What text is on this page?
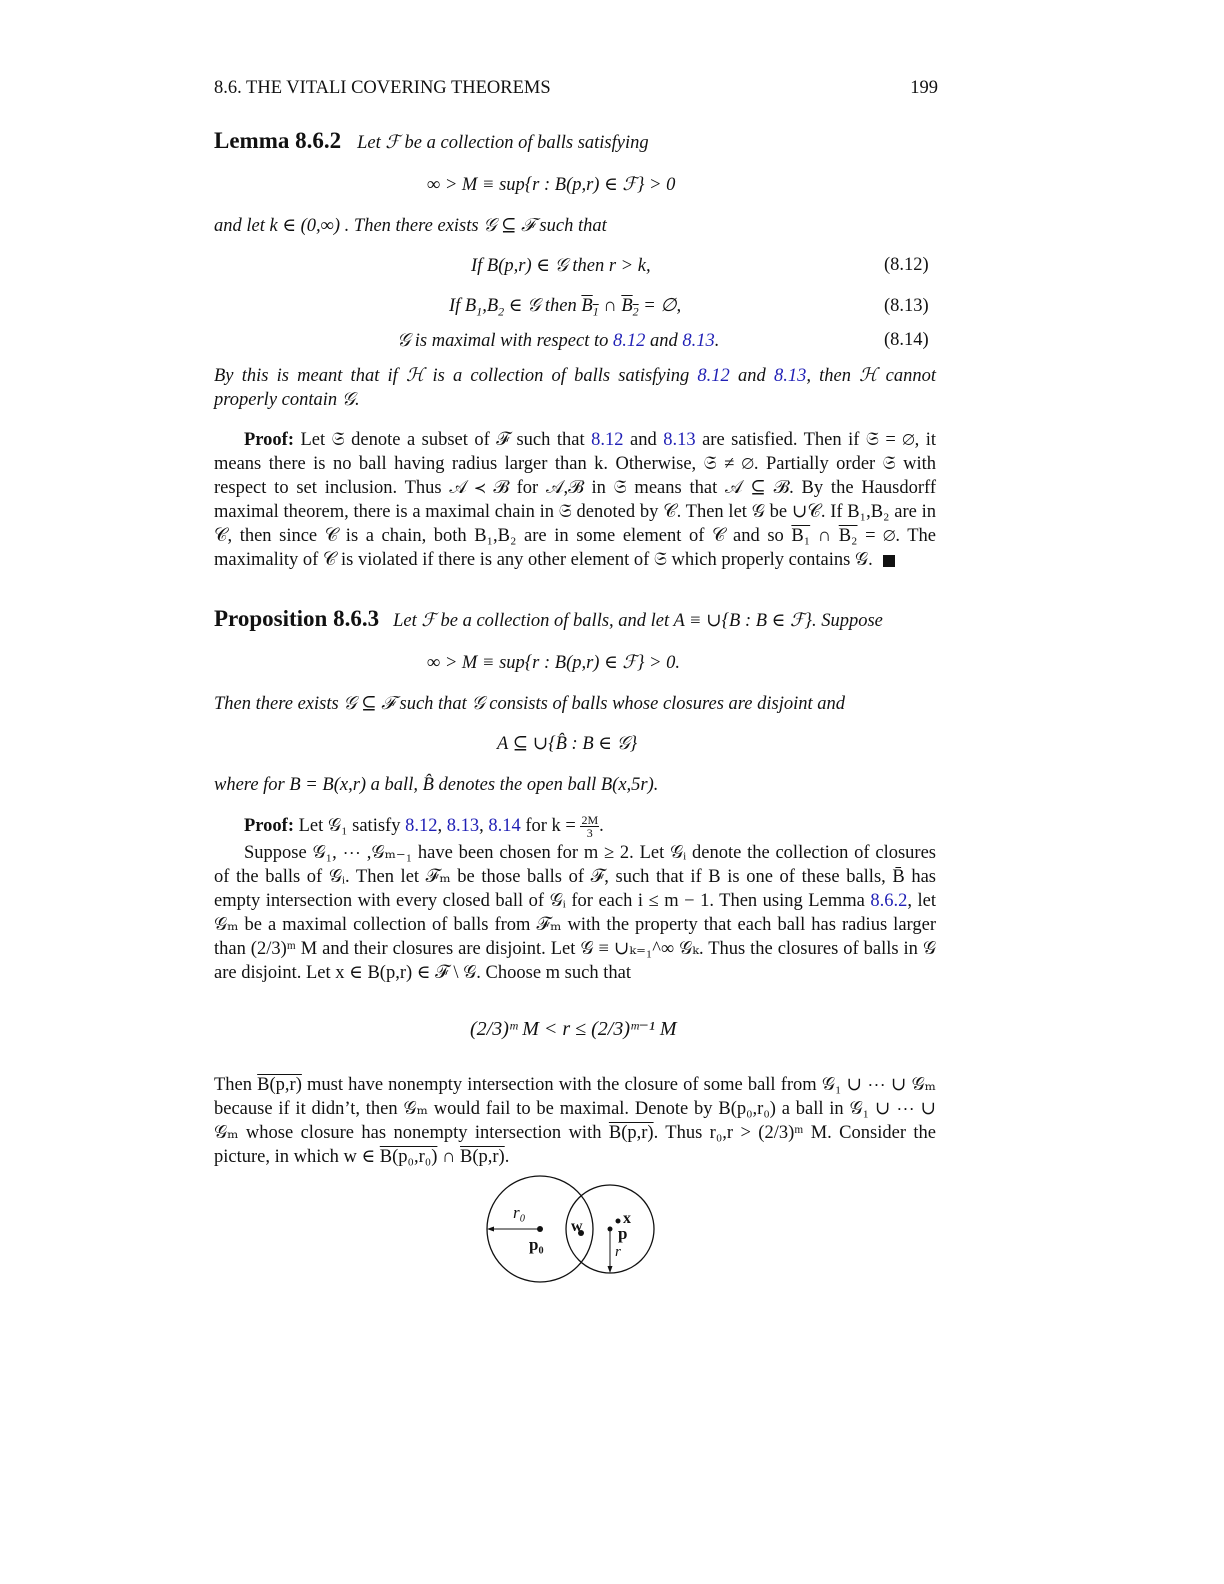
8.6. THE VITALI COVERING THEOREMS	199
Lemma 8.6.2 Let ℱ be a collection of balls satisfying
∞ > M ≡ sup{r : B(p,r) ∈ ℱ} > 0
and let k ∈ (0,∞) . Then there exists 𝒢 ⊆ ℱ such that
If B(p,r) ∈ 𝒢 then r > k,	(8.12)
If $B_1,B_2$ ∈ 𝒢 then $B_1$ ∩ $B_2$ = ∅,	(8.13)
𝒢 is maximal with respect to 8.12 and 8.13.	(8.14)
By this is meant that if ℋ is a collection of balls satisfying 8.12 and 8.13, then ℋ cannot properly contain 𝒢.
Proof: Let 𝔖 denote a subset of ℱ such that 8.12 and 8.13 are satisfied. Then if 𝔖 = ∅, it means there is no ball having radius larger than k. Otherwise, 𝔖 ≠ ∅. Partially order 𝔖 with respect to set inclusion. Thus 𝒜 ≺ ℬ for 𝒜,ℬ in 𝔖 means that 𝒜 ⊆ ℬ. By the Hausdorff maximal theorem, there is a maximal chain in 𝔖 denoted by 𝒞. Then let 𝒢 be ∪𝒞. If B₁,B₂ are in 𝒞, then since 𝒞 is a chain, both B₁,B₂ are in some element of 𝒞 and so B₁ ∩ B₂ = ∅. The maximality of 𝒞 is violated if there is any other element of 𝔖 which properly contains 𝒢.
Proposition 8.6.3 Let ℱ be a collection of balls, and let A ≡ ∪{B : B ∈ ℱ}. Suppose
∞ > M ≡ sup{r : B(p,r) ∈ ℱ} > 0.
Then there exists 𝒢 ⊆ ℱ such that 𝒢 consists of balls whose closures are disjoint and
A ⊆ ∪{B̂ : B ∈ 𝒢}
where for B = B(x,r) a ball, B̂ denotes the open ball B(x,5r).
Proof: Let 𝒢₁ satisfy 8.12, 8.13, 8.14 for $k = \frac{2M}{3}$ .
Suppose 𝒢₁, ⋯ ,𝒢ₘ₋₁ have been chosen for m ≥ 2. Let 𝒢ᵢ denote the collection of closures of the balls of 𝒢ᵢ. Then let ℱₘ be those balls of ℱ, such that if B is one of these balls, B̄ has empty intersection with every closed ball of 𝒢ᵢ for each i ≤ m − 1. Then using Lemma 8.6.2, let 𝒢ₘ be a maximal collection of balls from ℱₘ with the property that each ball has radius larger than (2/3)ᵐ M and their closures are disjoint. Let 𝒢 ≡ ∪ₖ₌₁^∞ 𝒢ₖ. Thus the closures of balls in 𝒢 are disjoint. Let x ∈ B(p,r) ∈ ℱ \ 𝒢. Choose m such that
(2/3)ᵐ M < r ≤ (2/3)ᵐ⁻¹ M
Then B(p,r) must have nonempty intersection with the closure of some ball from 𝒢₁ ∪ ⋯ ∪ 𝒢ₘ because if it didn’t, then 𝒢ₘ would fail to be maximal. Denote by B(p₀,r₀) a ball in 𝒢₁ ∪ ⋯ ∪ 𝒢ₘ whose closure has nonempty intersection with B(p,r). Thus r₀,r > (2/3)ᵐ M. Consider the picture, in which w ∈ B(p₀,r₀) ∩ B(p,r).
r₀
p₀
w	x
p
r
